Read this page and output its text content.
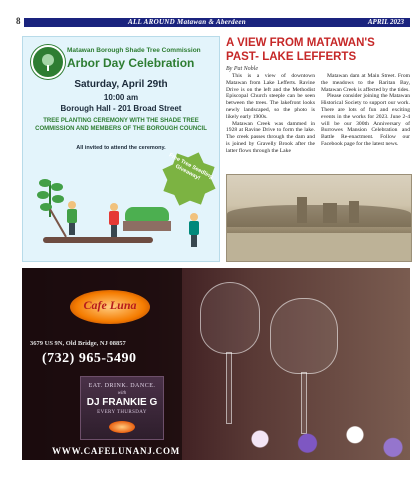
8	ALL AROUND Matawan & Aberdeen	APRIL 2023
Matawan Borough Shade Tree Commission
Arbor Day Celebration
Saturday, April 29th
10:00 am
Borough Hall - 201 Broad Street
TREE PLANTING CEREMONY WITH THE SHADE TREE COMMISSION AND MEMBERS OF THE BOROUGH COUNCIL
All invited to attend the ceremony.
Free Tree Seedling Giveaway!
A VIEW FROM MATAWAN'S PAST- LAKE LEFFERTS
By Pat Noble

This is a view of downtown Matawan from Lake Lefferts. Ravine Drive is on the left and the Methodist Episcopal Church steeple can be seen between the trees. The lakefront looks newly landscaped, so the photo is likely early 1900s.

Matawan Creek was dammed in 1928 at Ravine Drive to form the lake. The creek passes through the dam and is joined by Gravelly Brook after the latter flows through the Lake

Matawan dam at Main Street. From the meadows to the Raritan Bay, Matawan Creek is affected by the tides.

Please consider joining the Matawan Historical Society to support our work. There are lots of fun and exciting events in the works for 2023. June 2-4 will be our 300th Anniversary of Burrowes Mansion Celebration and Battle Re-enactment. Follow our Facebook page for the latest news.

Cafe Luna
3679 US 9N, Old Bridge, NJ 08857
(732) 965-5490
EAT. DRINK. DANCE.
with
DJ FRANKIE G
EVERY THURSDAY
WWW.CAFELUNANJ.COM
